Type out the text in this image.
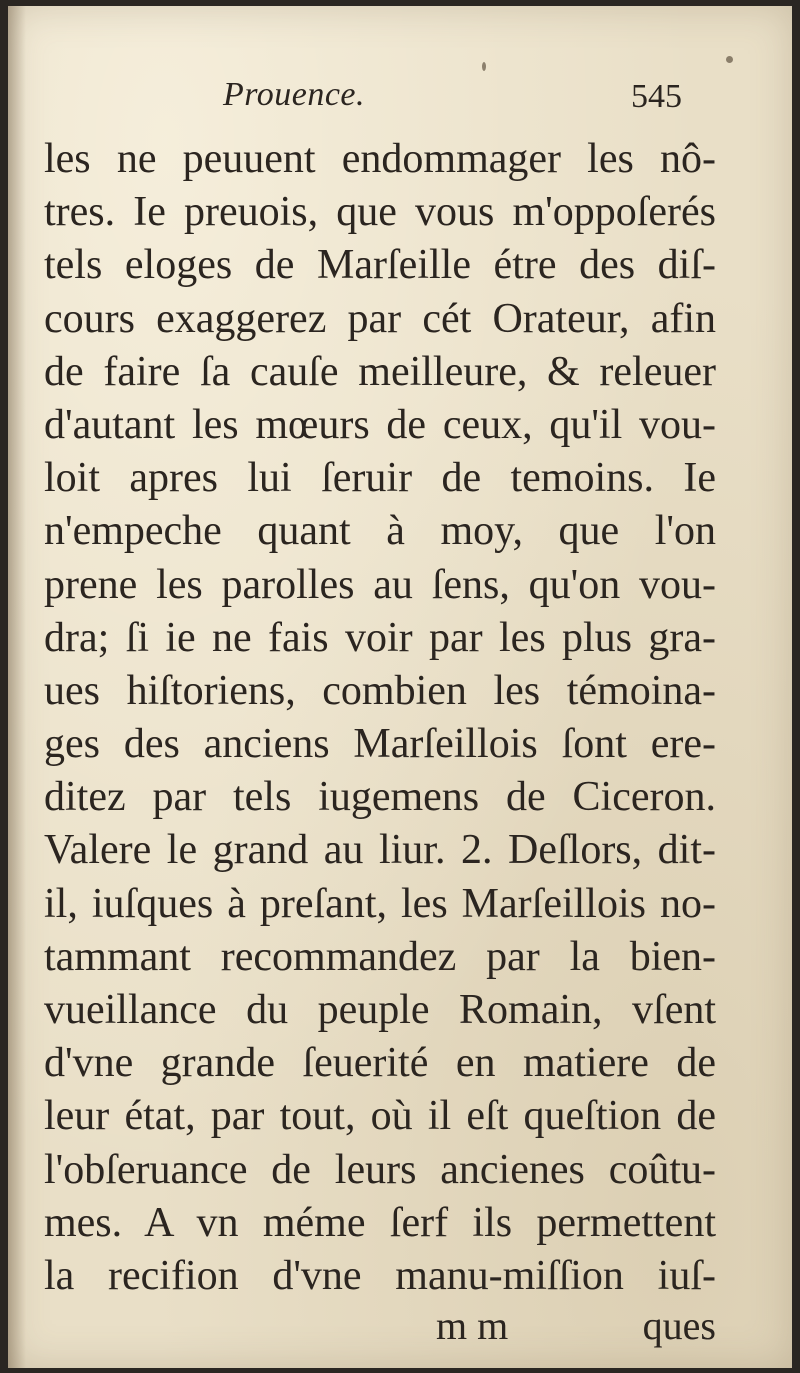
Prouence.	545
les ne peuuent endommager les nô-
tres. Ie preuois, que vous m'oppoſerés
tels eloges de Marſeille étre des diſ-
cours exaggerez par cét Orateur, afin
de faire ſa cauſe meilleure, & releuer
d'autant les mœurs de ceux, qu'il vou-
loit apres lui ſeruir de temoins. Ie
n'empeche quant à moy, que l'on
prene les parolles au ſens, qu'on vou-
dra; ſi ie ne fais voir par les plus gra-
ues hiſtoriens, combien les témoina-
ges des anciens Marſeillois ſont ere-
ditez par tels iugemens de Ciceron.
Valere le grand au liur. 2. Deſlors, dit-
il, iuſques à preſant, les Marſeillois no-
tammant recommandez par la bien-
vueillance du peuple Romain, vſent
d'vne grande ſeuerité en matiere de
leur état, par tout, où il eſt queſtion de
l'obſeruance de leurs ancienes coûtu-
mes. A vn méme ſerf ils permettent
la recifion d'vne manu-miſſion iuſ-
m m	ques
